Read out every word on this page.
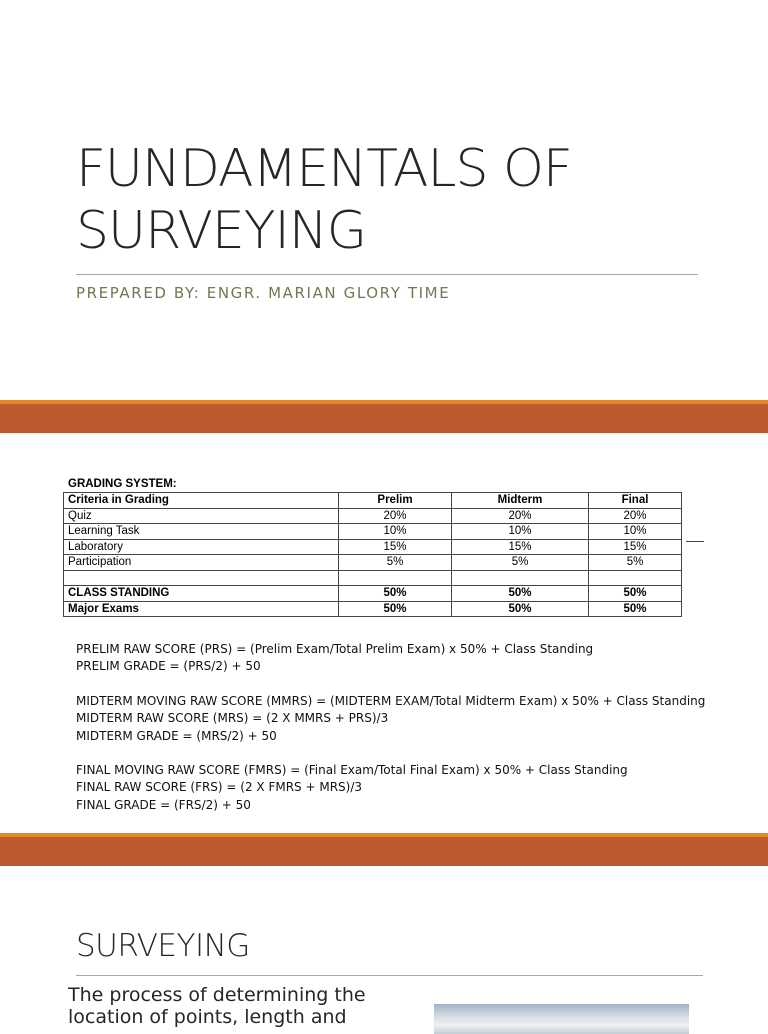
FUNDAMENTALS OF
SURVEYING
PREPARED BY: ENGR. MARIAN GLORY TIME
GRADING SYSTEM:
Criteria in Grading	Prelim	Midterm	Final
Quiz	20%	20%	20%
Learning Task	10%	10%	10%
Laboratory	15%	15%	15%
Participation	5%	5%	5%

CLASS STANDING	50%	50%	50%
Major Exams	50%	50%	50%
PRELIM RAW SCORE (PRS) = (Prelim Exam/Total Prelim Exam) x 50% + Class Standing
PRELIM GRADE = (PRS/2) + 50
MIDTERM MOVING RAW SCORE (MMRS) = (MIDTERM EXAM/Total Midterm Exam) x 50% + Class Standing
MIDTERM RAW SCORE (MRS) = (2 X MMRS + PRS)/3
MIDTERM GRADE = (MRS/2) + 50
FINAL MOVING RAW SCORE (FMRS) = (Final Exam/Total Final Exam) x 50% + Class Standing
FINAL RAW SCORE (FRS) = (2 X FMRS + MRS)/3
FINAL GRADE = (FRS/2) + 50
SURVEYING
The process of determining the location of points, length and
